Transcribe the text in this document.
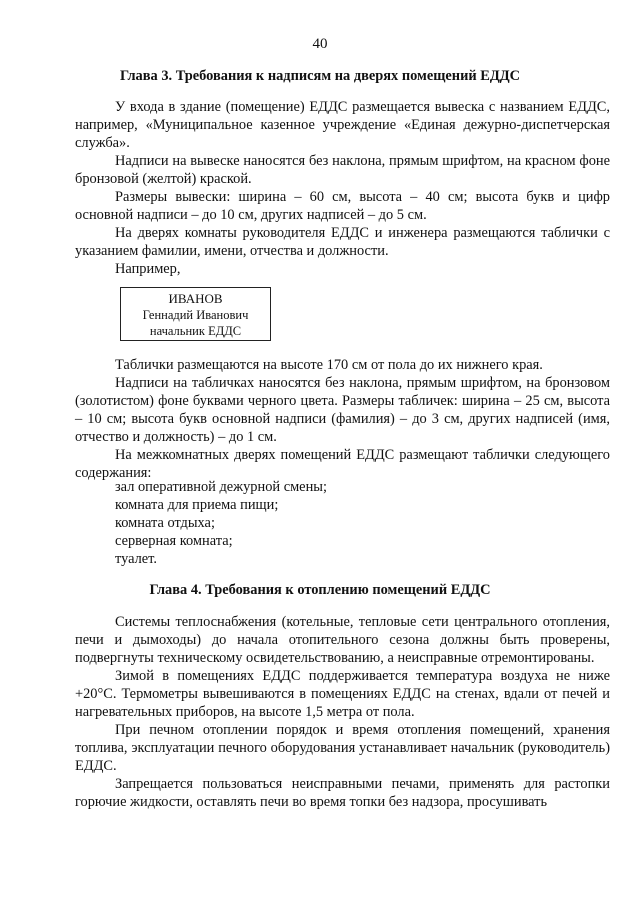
40
Глава 3. Требования к надписям на дверях помещений ЕДДС

У входа в здание (помещение) ЕДДС размещается вывеска с названием ЕДДС, например, «Муниципальное казенное учреждение «Единая дежурно-диспетчерская служба».

Надписи на вывеске наносятся без наклона, прямым шрифтом, на красном фоне бронзовой (желтой) краской.

Размеры вывески: ширина – 60 см, высота – 40 см; высота букв и цифр основной надписи – до 10 см, других надписей – до 5 см.

На дверях комнаты руководителя ЕДДС и инженера размещаются таблички с указанием фамилии, имени, отчества и должности.

Например,

ИВАНОВ
Геннадий Иванович
начальник ЕДДС

Таблички размещаются на высоте 170 см от пола до их нижнего края.

Надписи на табличках наносятся без наклона, прямым шрифтом, на бронзовом (золотистом) фоне буквами черного цвета. Размеры табличек: ширина – 25 см, высота – 10 см; высота букв основной надписи (фамилия) – до 3 см, других надписей (имя, отчество и должность) – до 1 см.

На межкомнатных дверях помещений ЕДДС размещают таблички следующего содержания:

зал оперативной дежурной смены;
комната для приема пищи;
комната отдыха;
серверная комната;
туалет.
Глава 4. Требования к отоплению помещений ЕДДС

Системы теплоснабжения (котельные, тепловые сети центрального отопления, печи и дымоходы) до начала отопительного сезона должны быть проверены, подвергнуты техническому освидетельствованию, а неисправные отремонтированы.

Зимой в помещениях ЕДДС поддерживается температура воздуха не ниже +20°С. Термометры вывешиваются в помещениях ЕДДС на стенах, вдали от печей и нагревательных приборов, на высоте 1,5 метра от пола.

При печном отоплении порядок и время отопления помещений, хранения топлива, эксплуатации печного оборудования устанавливает начальник (руководитель) ЕДДС.

Запрещается пользоваться неисправными печами, применять для растопки горючие жидкости, оставлять печи во время топки без надзора, просушивать
